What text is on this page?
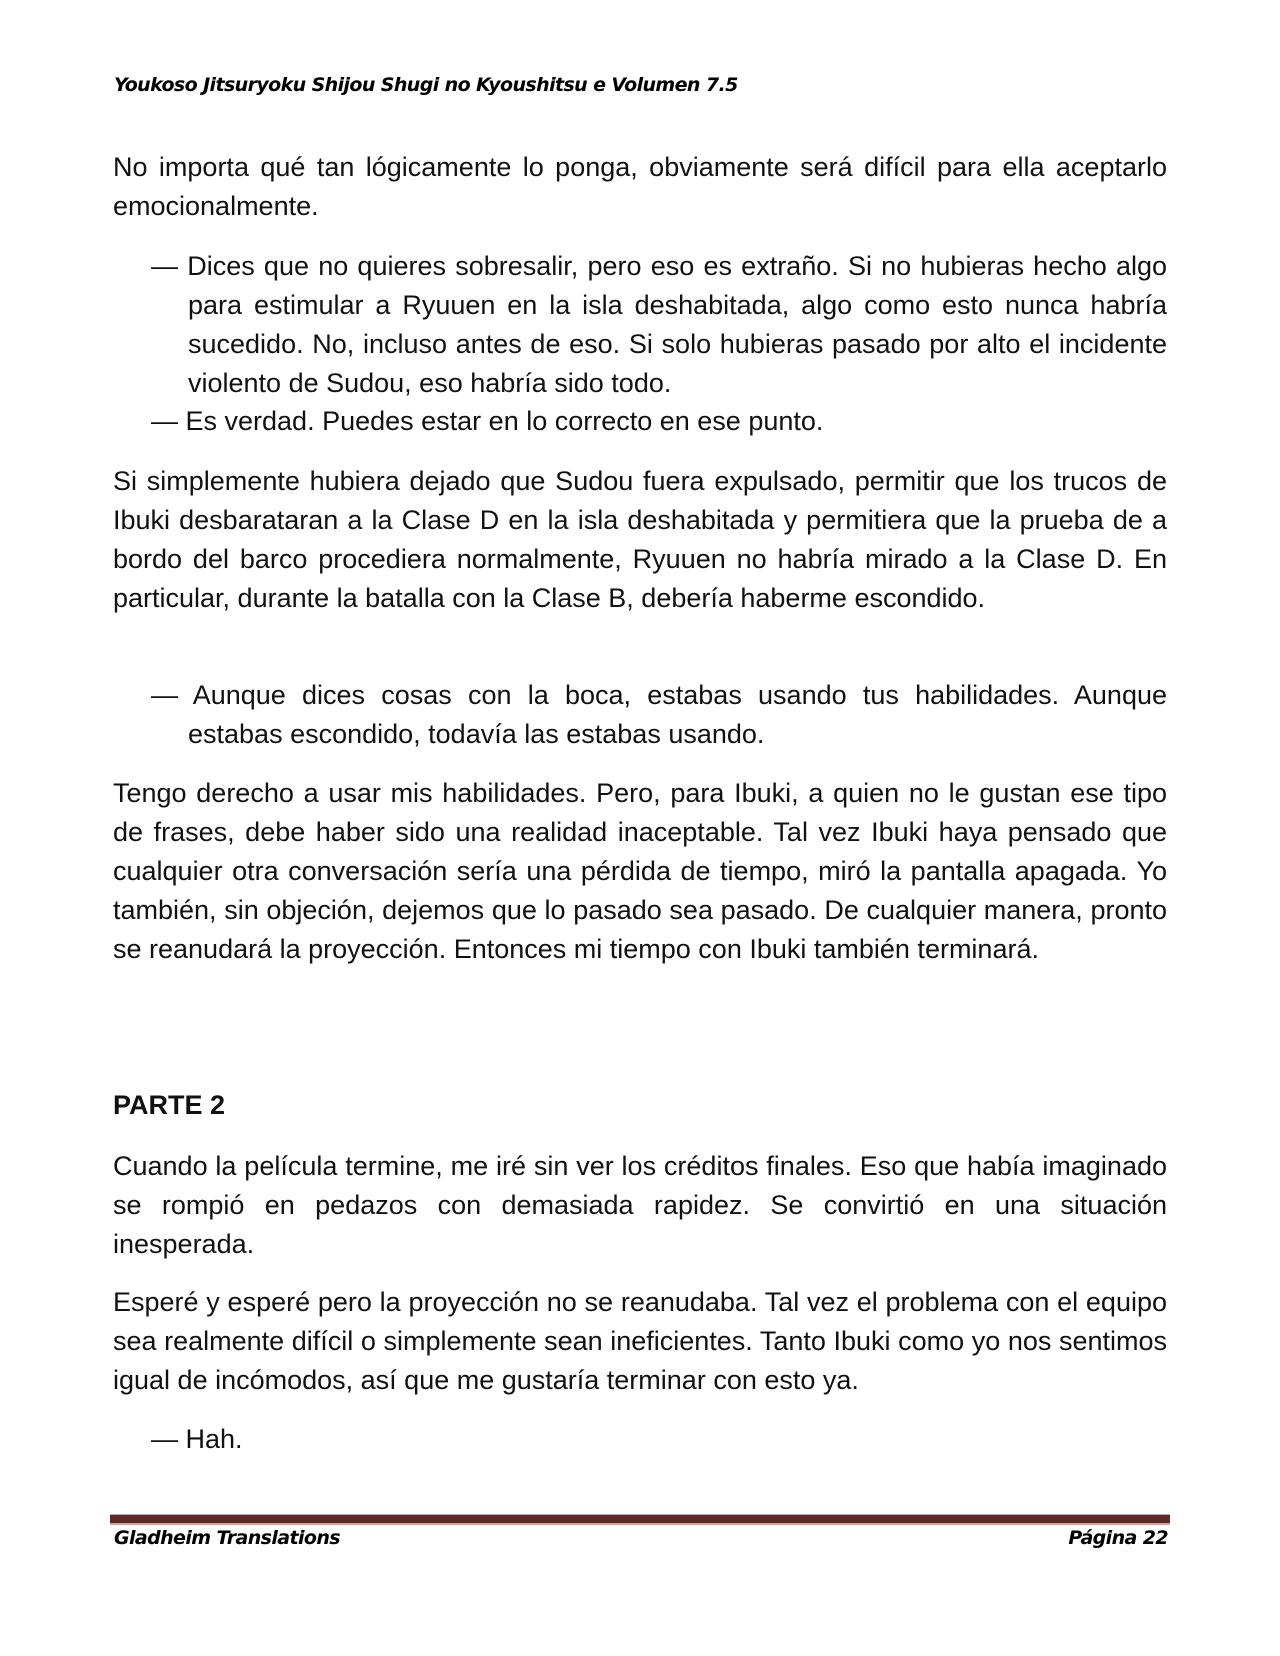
Youkoso Jitsuryoku Shijou Shugi no Kyoushitsu e Volumen 7.5
No importa qué tan lógicamente lo ponga, obviamente será difícil para ella aceptarlo emocionalmente.
— Dices que no quieres sobresalir, pero eso es extraño. Si no hubieras hecho algo para estimular a Ryuuen en la isla deshabitada, algo como esto nunca habría sucedido. No, incluso antes de eso. Si solo hubieras pasado por alto el incidente violento de Sudou, eso habría sido todo.
— Es verdad. Puedes estar en lo correcto en ese punto.
Si simplemente hubiera dejado que Sudou fuera expulsado, permitir que los trucos de Ibuki desbarataran a la Clase D en la isla deshabitada y permitiera que la prueba de a bordo del barco procediera normalmente, Ryuuen no habría mirado a la Clase D. En particular, durante la batalla con la Clase B, debería haberme escondido.
— Aunque dices cosas con la boca, estabas usando tus habilidades. Aunque estabas escondido, todavía las estabas usando.
Tengo derecho a usar mis habilidades. Pero, para Ibuki, a quien no le gustan ese tipo de frases, debe haber sido una realidad inaceptable. Tal vez Ibuki haya pensado que cualquier otra conversación sería una pérdida de tiempo, miró la pantalla apagada. Yo también, sin objeción, dejemos que lo pasado sea pasado. De cualquier manera, pronto se reanudará la proyección. Entonces mi tiempo con Ibuki también terminará.
PARTE 2
Cuando la película termine, me iré sin ver los créditos finales. Eso que había imaginado se rompió en pedazos con demasiada rapidez. Se convirtió en una situación inesperada.
Esperé y esperé pero la proyección no se reanudaba. Tal vez el problema con el equipo sea realmente difícil o simplemente sean ineficientes. Tanto Ibuki como yo nos sentimos igual de incómodos, así que me gustaría terminar con esto ya.
— Hah.
Gladheim Translations	Página 22
